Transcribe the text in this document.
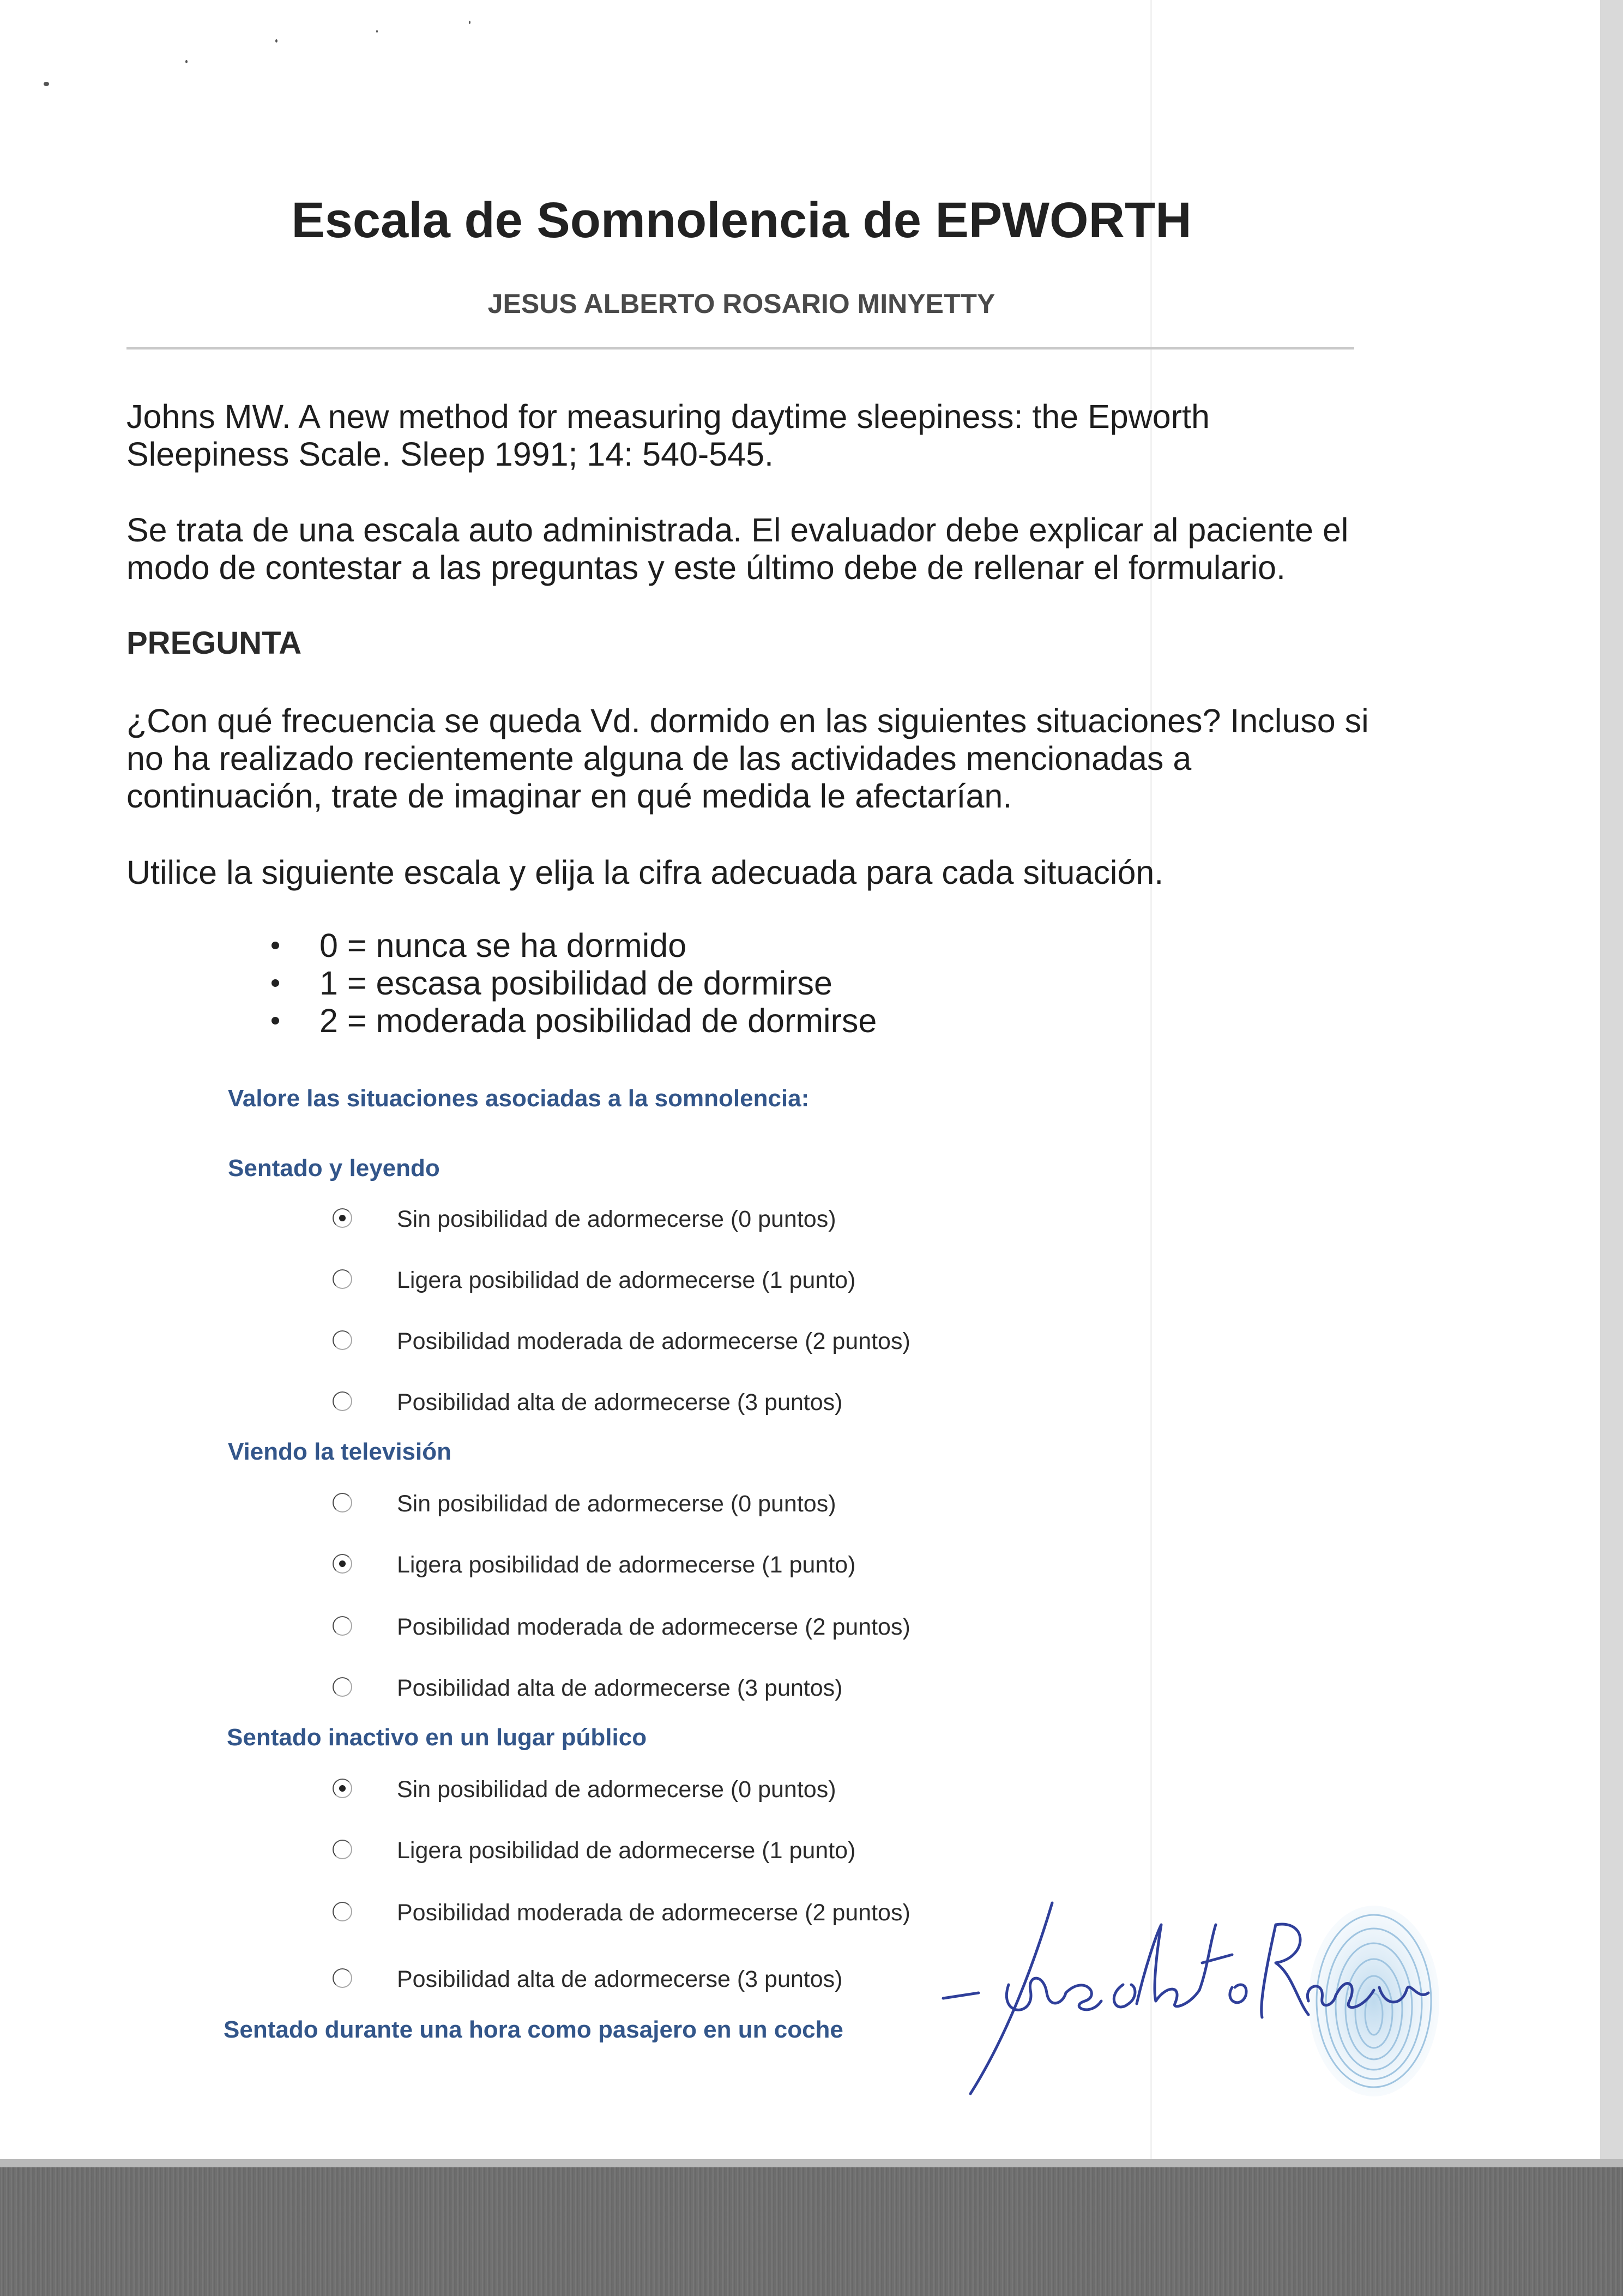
Escala de Somnolencia de EPWORTH
JESUS ALBERTO ROSARIO MINYETTY
Johns MW. A new method for measuring daytime sleepiness: the Epworth
Sleepiness Scale. Sleep 1991; 14: 540-545.
Se trata de una escala auto administrada. El evaluador debe explicar al paciente el
modo de contestar a las preguntas y este último debe de rellenar el formulario.
PREGUNTA
¿Con qué frecuencia se queda Vd. dormido en las siguientes situaciones? Incluso si
no ha realizado recientemente alguna de las actividades mencionadas a
continuación, trate de imaginar en qué medida le afectarían.
Utilice la siguiente escala y elija la cifra adecuada para cada situación.
0 = nunca se ha dormido
1 = escasa posibilidad de dormirse
2 = moderada posibilidad de dormirse
Valore las situaciones asociadas a la somnolencia:
Sentado y leyendo
Sin posibilidad de adormecerse (0 puntos)
Ligera posibilidad de adormecerse (1 punto)
Posibilidad moderada de adormecerse (2 puntos)
Posibilidad alta de adormecerse (3 puntos)
Viendo la televisión
Sin posibilidad de adormecerse (0 puntos)
Ligera posibilidad de adormecerse (1 punto)
Posibilidad moderada de adormecerse (2 puntos)
Posibilidad alta de adormecerse (3 puntos)
Sentado inactivo en un lugar público
Sin posibilidad de adormecerse (0 puntos)
Ligera posibilidad de adormecerse (1 punto)
Posibilidad moderada de adormecerse (2 puntos)
Posibilidad alta de adormecerse (3 puntos)
Sentado durante una hora como pasajero en un coche
